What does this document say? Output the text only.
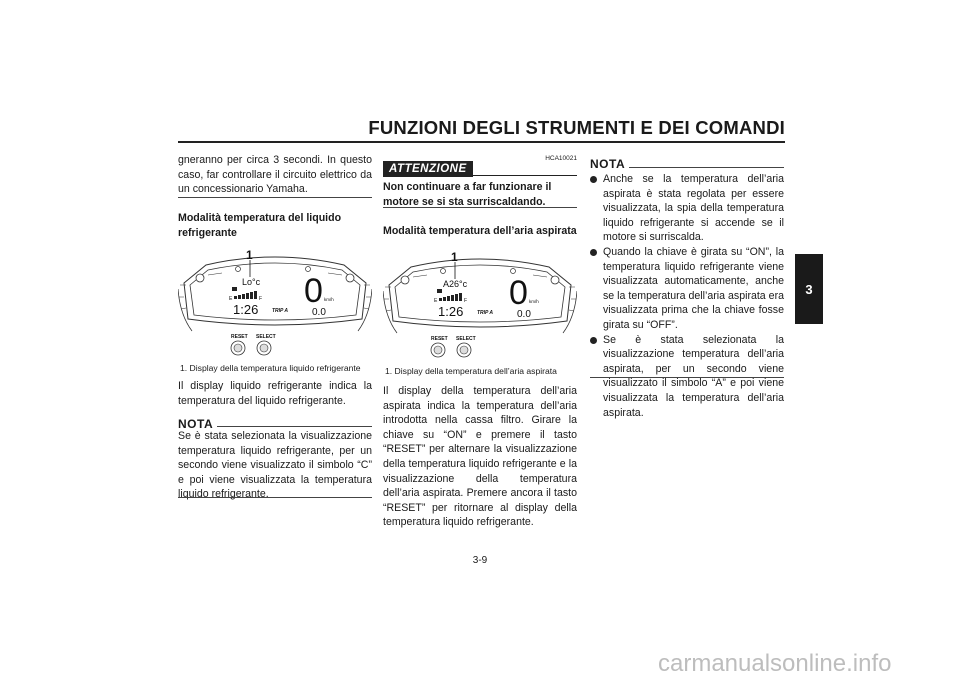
FUNZIONI DEGLI STRUMENTI E DEI COMANDI
3
gneranno per circa 3 secondi. In questo caso, far controllare il circuito elettrico da un concessionario Yamaha.
Modalità temperatura del liquido refrigerante
1
Lo°c
E	F
1:26	TRIP A
0 km/h
0.0
RESET SELECT
1. Display della temperatura liquido refrigerante
Il display liquido refrigerante indica la temperatura del liquido refrigerante.
NOTA
Se è stata selezionata la visualizzazione temperatura liquido refrigerante, per un secondo viene visualizzato il simbolo “C” e poi viene visualizzata la temperatura liquido refrigerante.
HCA10021
ATTENZIONE
Non continuare a far funzionare il motore se si sta surriscaldando.
Modalità temperatura dell’aria aspirata
1
A26°c
E	F
1:26	TRIP A
0 km/h
0.0
RESET SELECT
1. Display della temperatura dell’aria aspirata
Il display della temperatura dell’aria aspirata indica la temperatura dell’aria introdotta nella cassa filtro. Girare la chiave su “ON” e premere il tasto “RESET” per alternare la visualizzazione della temperatura liquido refrigerante e la visualizzazione della temperatura dell’aria aspirata. Premere ancora il tasto “RESET” per ritornare al display della temperatura liquido refrigerante.
NOTA
Anche se la temperatura dell’aria aspirata è stata regolata per essere visualizzata, la spia della temperatura liquido refrigerante si accende se il motore si surriscalda.
Quando la chiave è girata su “ON”, la temperatura liquido refrigerante viene visualizzata automaticamente, anche se la temperatura dell’aria aspirata era visualizzata prima che la chiave fosse girata su “OFF”.
Se è stata selezionata la visualizzazione temperatura dell’aria aspirata, per un secondo viene visualizzato il simbolo “A” e poi viene visualizzata la temperatura dell’aria aspirata.
3-9
carmanualsonline.info
